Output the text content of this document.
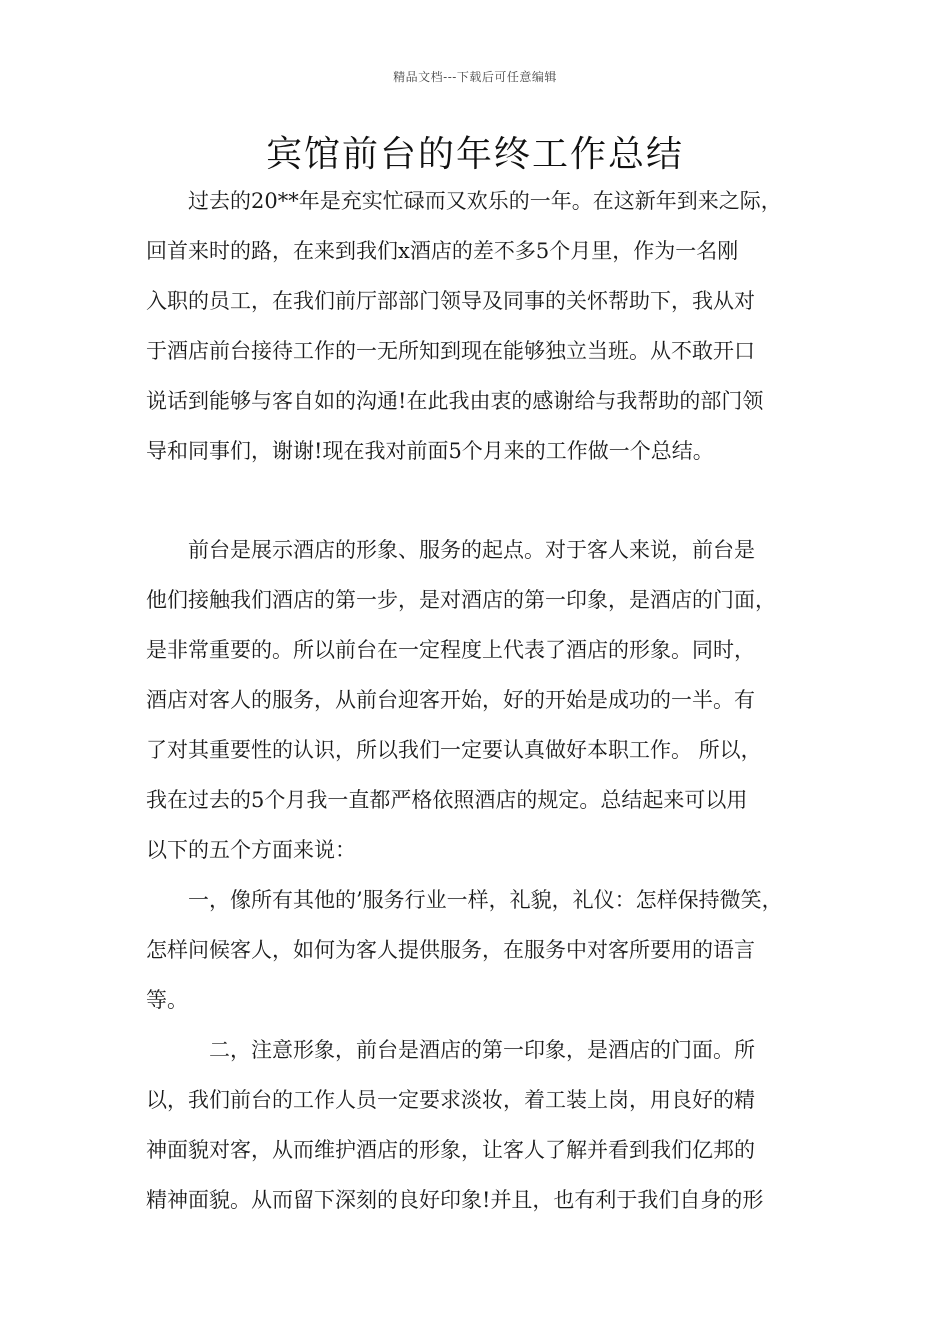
精品文档---下载后可任意编辑
宾馆前台的年终工作总结
　　过去的20**年是充实忙碌而又欢乐的一年。在这新年到来之际，
回首来时的路，在来到我们x酒店的差不多5个月里，作为一名刚
入职的员工，在我们前厅部部门领导及同事的关怀帮助下，我从对
于酒店前台接待工作的一无所知到现在能够独立当班。从不敢开口
说话到能够与客自如的沟通!在此我由衷的感谢给与我帮助的部门领
导和同事们，谢谢!现在我对前面5个月来的工作做一个总结。
　　前台是展示酒店的形象、服务的起点。对于客人来说，前台是
他们接触我们酒店的第一步，是对酒店的第一印象，是酒店的门面，
是非常重要的。所以前台在一定程度上代表了酒店的形象。同时，
酒店对客人的服务，从前台迎客开始，好的开始是成功的一半。有
了对其重要性的认识，所以我们一定要认真做好本职工作。 所以，
我在过去的5个月我一直都严格依照酒店的规定。总结起来可以用
以下的五个方面来说：
　　一，像所有其他的’服务行业一样，礼貌，礼仪：怎样保持微笑，
怎样问候客人，如何为客人提供服务，在服务中对客所要用的语言
等。
　　　二，注意形象，前台是酒店的第一印象，是酒店的门面。所
以，我们前台的工作人员一定要求淡妆，着工装上岗，用良好的精
神面貌对客，从而维护酒店的形象，让客人了解并看到我们亿邦的
精神面貌。从而留下深刻的良好印象!并且，也有利于我们自身的形
